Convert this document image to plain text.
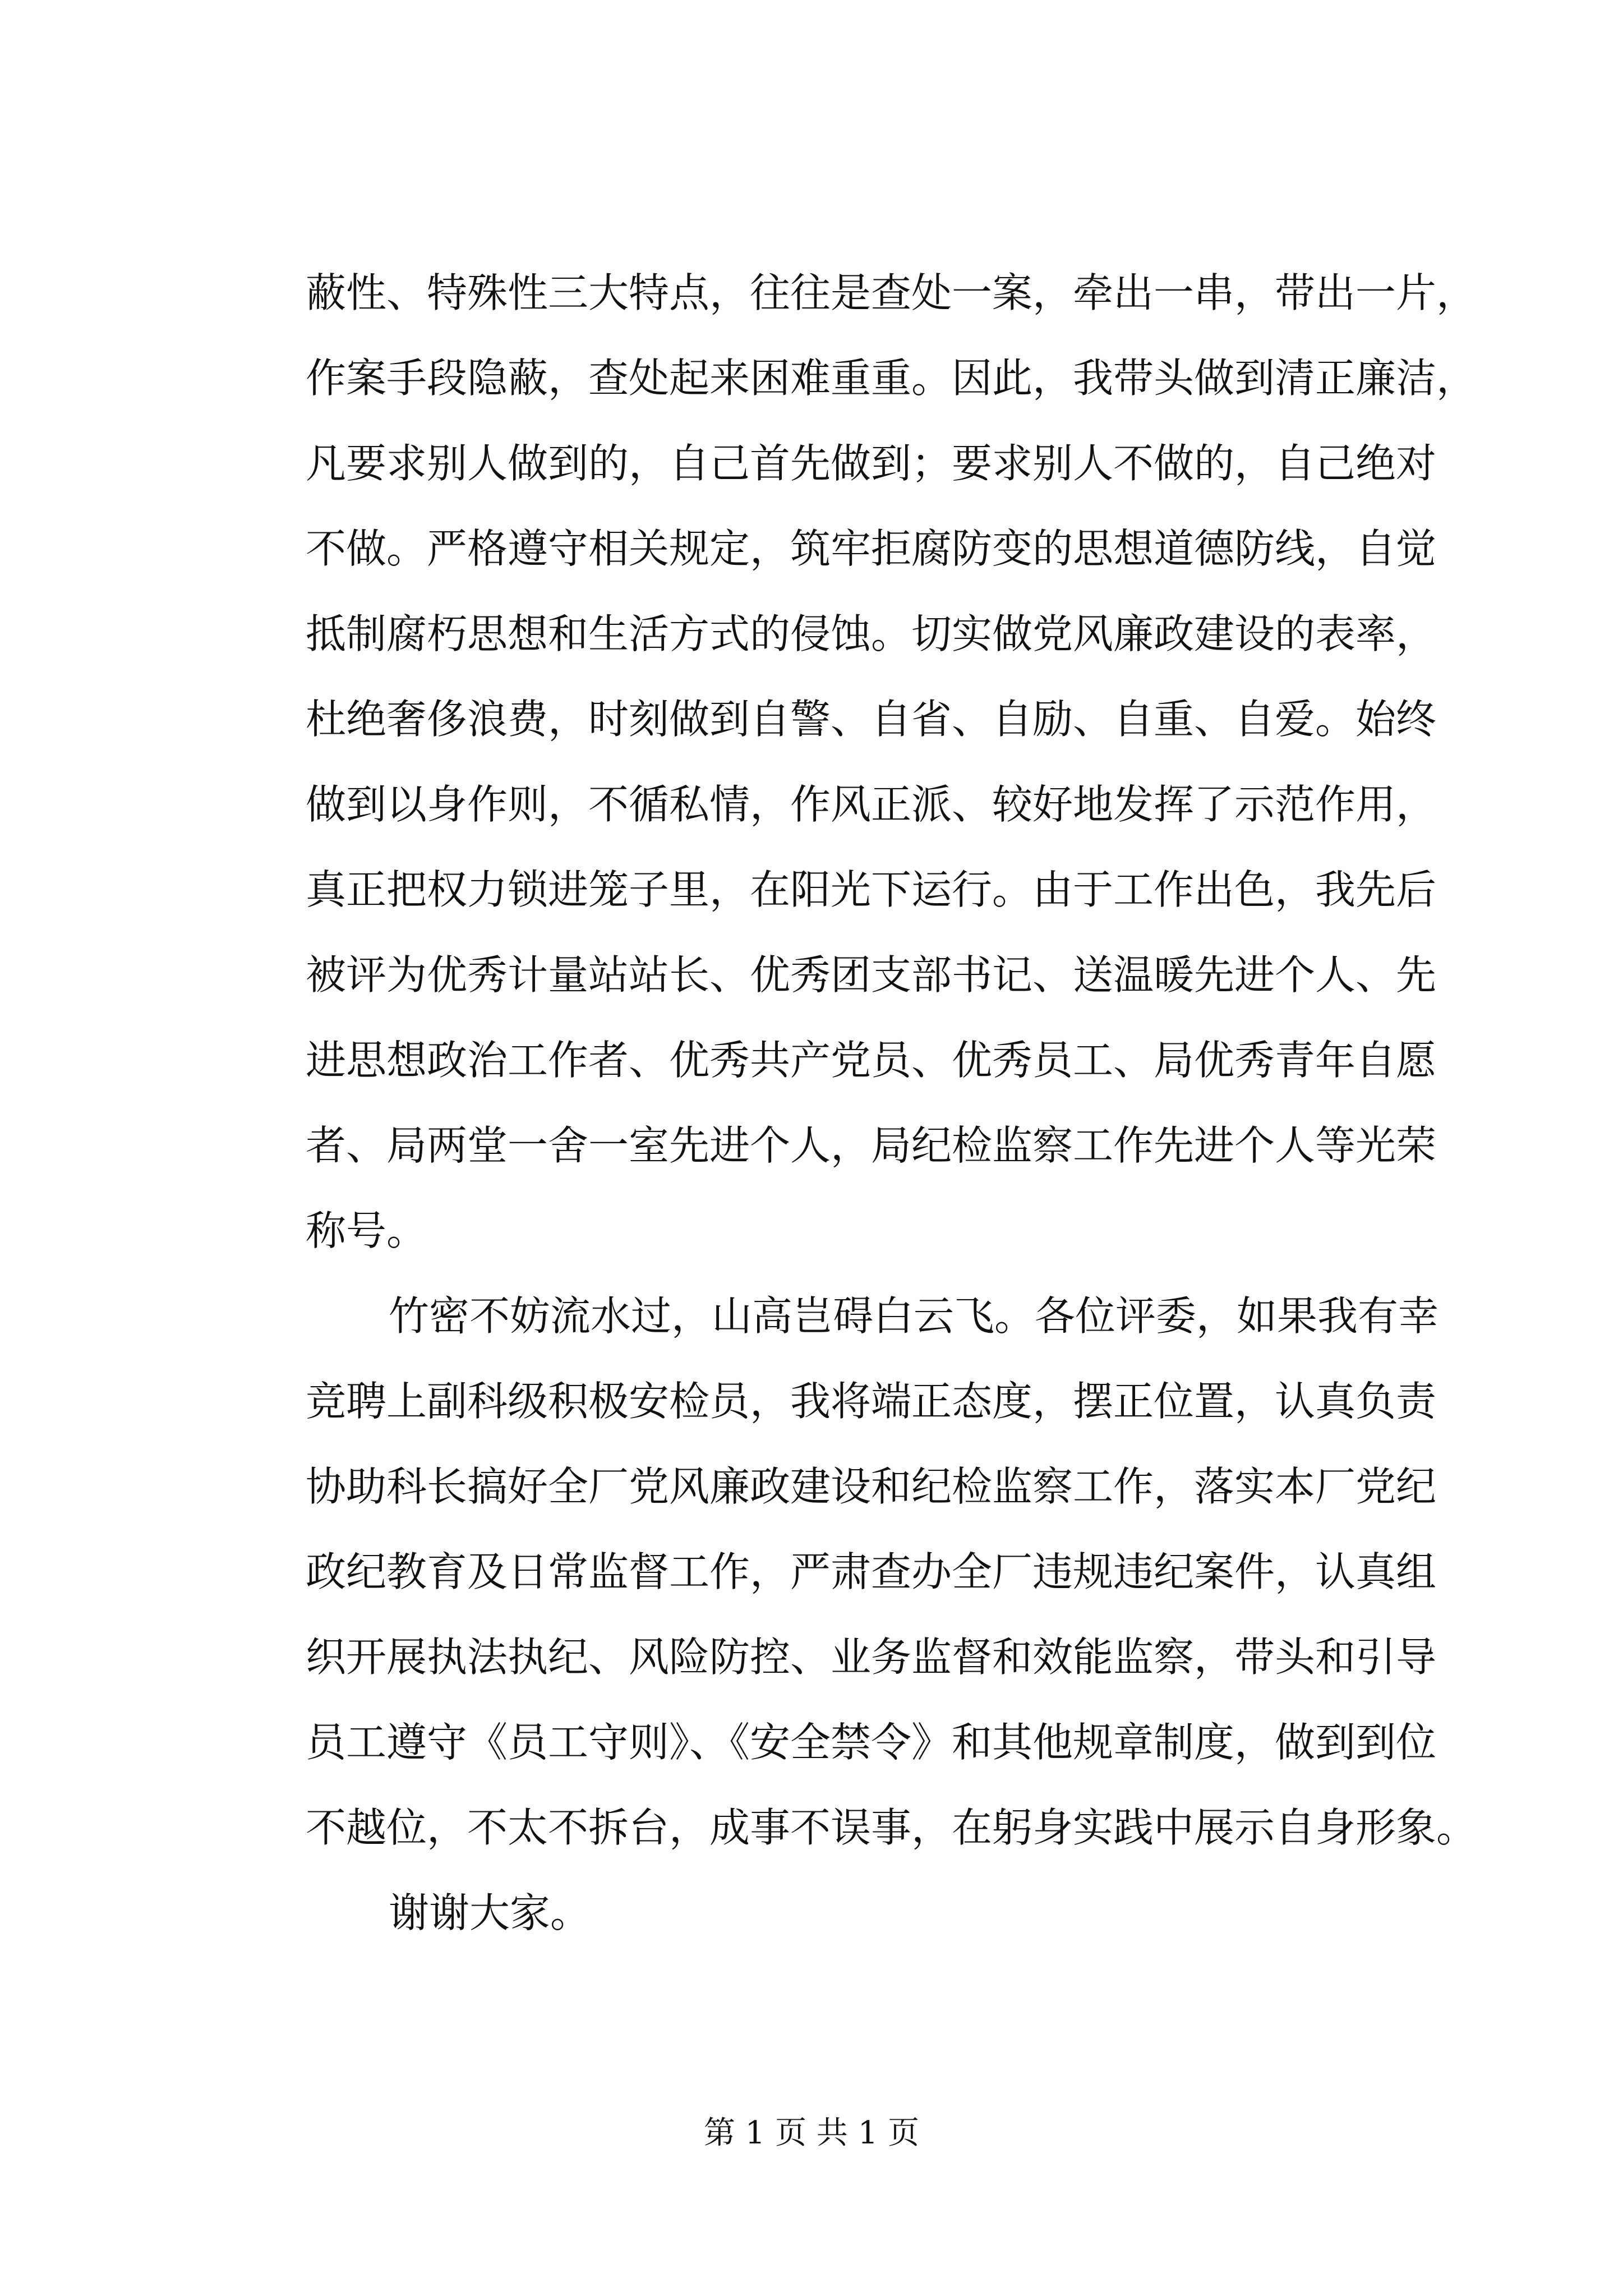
蔽性、特殊性三大特点，往往是查处一案，牵出一串，带出一片，
作案手段隐蔽，查处起来困难重重。因此，我带头做到清正廉洁，
凡要求别人做到的，自己首先做到；要求别人不做的，自己绝对
不做。严格遵守相关规定，筑牢拒腐防变的思想道德防线，自觉
抵制腐朽思想和生活方式的侵蚀。切实做党风廉政建设的表率，
杜绝奢侈浪费，时刻做到自警、自省、自励、自重、自爱。始终
做到以身作则，不循私情，作风正派、较好地发挥了示范作用，
真正把权力锁进笼子里，在阳光下运行。由于工作出色，我先后
被评为优秀计量站站长、优秀团支部书记、送温暖先进个人、先
进思想政治工作者、优秀共产党员、优秀员工、局优秀青年自愿
者、局两堂一舍一室先进个人，局纪检监察工作先进个人等光荣
称号。
竹密不妨流水过，山高岂碍白云飞。各位评委，如果我有幸
竞聘上副科级积极安检员，我将端正态度，摆正位置，认真负责
协助科长搞好全厂党风廉政建设和纪检监察工作，落实本厂党纪
政纪教育及日常监督工作，严肃查办全厂违规违纪案件，认真组
织开展执法执纪、风险防控、业务监督和效能监察，带头和引导
员工遵守《员工守则》、《安全禁令》和其他规章制度，做到到位
不越位，不太不拆台，成事不误事，在躬身实践中展示自身形象。
谢谢大家。
第 1 页 共 1 页
